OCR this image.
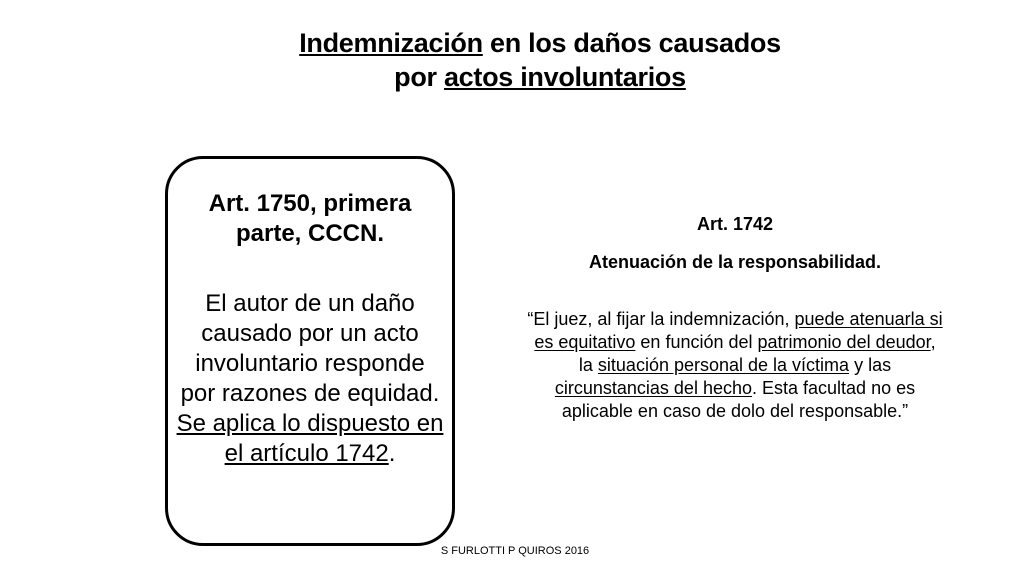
Indemnización en los daños causados
por actos involuntarios

Art. 1750, primera parte, CCCN.

El autor de un daño causado por un acto involuntario responde por razones de equidad. Se aplica lo dispuesto en el artículo 1742.

Art. 1742

Atenuación de la responsabilidad.

“El juez, al fijar la indemnización, puede atenuarla si es equitativo en función del patrimonio del deudor, la situación personal de la víctima y las circunstancias del hecho. Esta facultad no es aplicable en caso de dolo del responsable.”

S FURLOTTI P QUIROS 2016
